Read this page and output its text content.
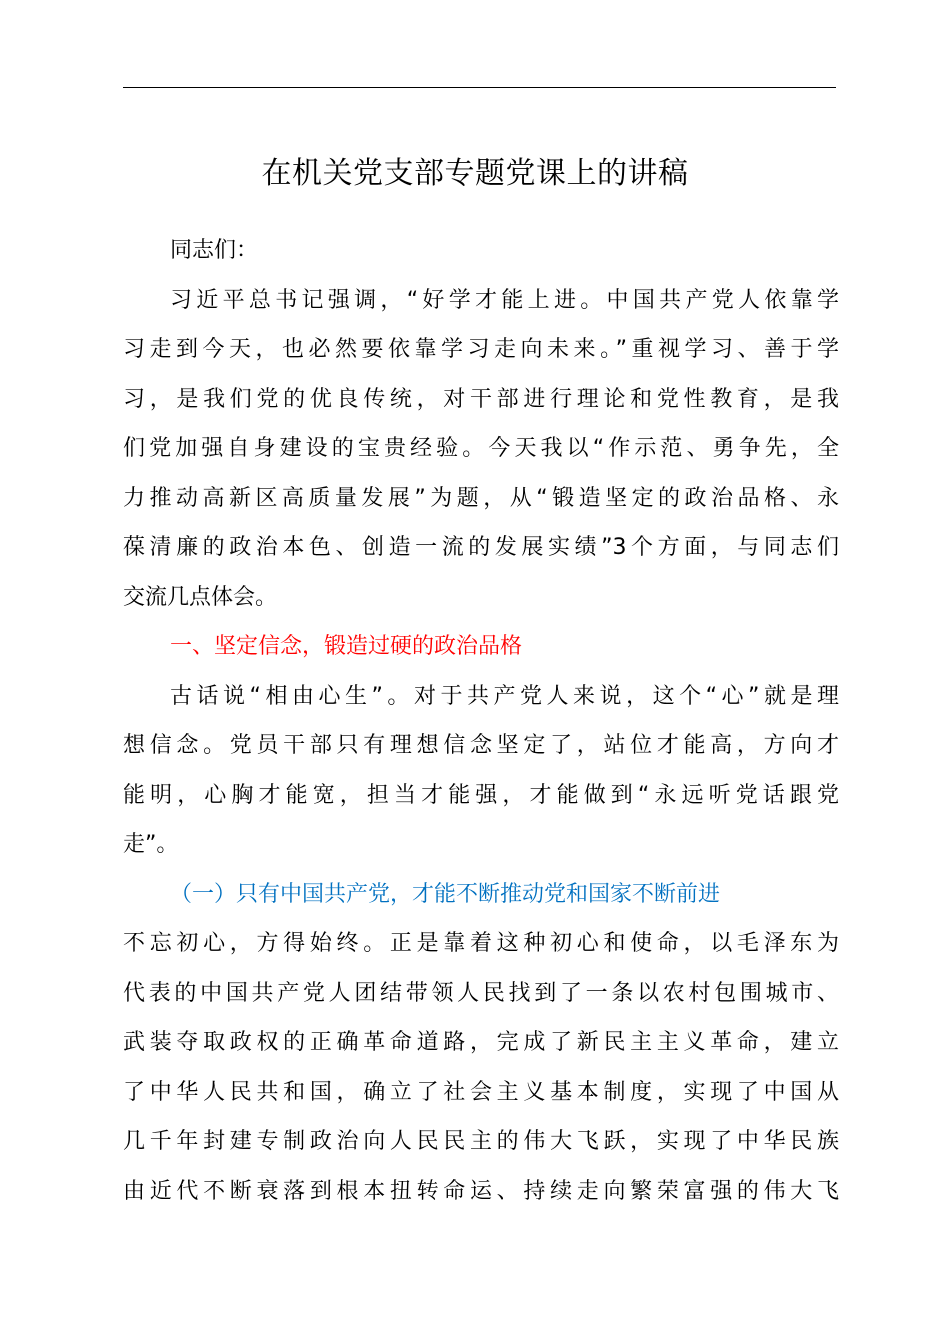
在机关党支部专题党课上的讲稿
同志们：
习近平总书记强调，“好学才能上进。中国共产党人依靠学
习走到今天，也必然要依靠学习走向未来。”重视学习、善于学
习，是我们党的优良传统，对干部进行理论和党性教育，是我
们党加强自身建设的宝贵经验。今天我以“作示范、勇争先，全
力推动高新区高质量发展”为题，从“锻造坚定的政治品格、永
葆清廉的政治本色、创造一流的发展实绩”3个方面，与同志们
交流几点体会。
一、坚定信念，锻造过硬的政治品格
古话说“相由心生”。对于共产党人来说，这个“心”就是理
想信念。党员干部只有理想信念坚定了，站位才能高，方向才
能明，心胸才能宽，担当才能强，才能做到“永远听党话跟党
走”。
（一）只有中国共产党，才能不断推动党和国家不断前进
不忘初心，方得始终。正是靠着这种初心和使命，以毛泽东为
代表的中国共产党人团结带领人民找到了一条以农村包围城市、
武装夺取政权的正确革命道路，完成了新民主主义革命，建立
了中华人民共和国，确立了社会主义基本制度，实现了中国从
几千年封建专制政治向人民民主的伟大飞跃，实现了中华民族
由近代不断衰落到根本扭转命运、持续走向繁荣富强的伟大飞
